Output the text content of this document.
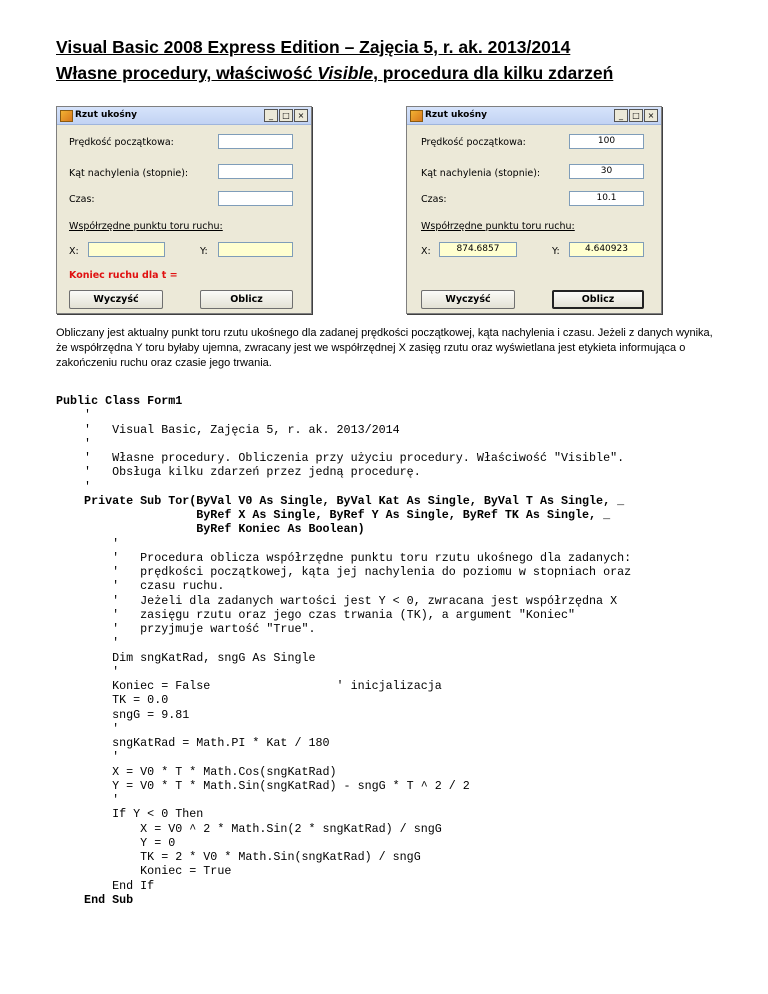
Visual Basic 2008 Express Edition – Zajęcia 5, r. ak. 2013/2014
Własne procedury, właściwość Visible, procedura dla kilku zdarzeń
Rzut ukośny	_	□ ×
Prędkość początkowa:
Kąt nachylenia (stopnie):
Czas:
Współrzędne punktu toru ruchu:
X:	Y:
Koniec ruchu dla t =
Wyczyść	Oblicz
Rzut ukośny	_	□ ×
Prędkość początkowa:	100
Kąt nachylenia (stopnie):	30
Czas:	10.1
Współrzędne punktu toru ruchu:
X:	874.6857	Y:	4.640923
Wyczyść	Oblicz
Obliczany jest aktualny punkt toru rzutu ukośnego dla zadanej prędkości początkowej, kąta nachylenia i czasu. Jeżeli z danych wynika, że współrzędna Y toru byłaby ujemna, zwracany jest we współrzędnej X zasięg rzutu oraz wyświetlana jest etykieta informująca o zakończeniu ruchu oraz czasie jego trwania.
Public Class Form1
'
'   Visual Basic, Zajęcia 5, r. ak. 2013/2014
'
'   Własne procedury. Obliczenia przy użyciu procedury. Właściwość "Visible".
'   Obsługa kilku zdarzeń przez jedną procedurę.
'
Private Sub Tor(ByVal V0 As Single, ByVal Kat As Single, ByVal T As Single, _
ByRef X As Single, ByRef Y As Single, ByRef TK As Single, _
ByRef Koniec As Boolean)
'
'   Procedura oblicza współrzędne punktu toru rzutu ukośnego dla zadanych:
'   prędkości początkowej, kąta jej nachylenia do poziomu w stopniach oraz
'   czasu ruchu.
'   Jeżeli dla zadanych wartości jest Y < 0, zwracana jest współrzędna X
'   zasięgu rzutu oraz jego czas trwania (TK), a argument "Koniec"
'   przyjmuje wartość "True".
'
Dim sngKatRad, sngG As Single
'
Koniec = False                  ' inicjalizacja
TK = 0.0
sngG = 9.81
'
sngKatRad = Math.PI * Kat / 180
'
X = V0 * T * Math.Cos(sngKatRad)
Y = V0 * T * Math.Sin(sngKatRad) - sngG * T ^ 2 / 2
'
If Y < 0 Then
X = V0 ^ 2 * Math.Sin(2 * sngKatRad) / sngG
Y = 0
TK = 2 * V0 * Math.Sin(sngKatRad) / sngG
Koniec = True
End If
End Sub
